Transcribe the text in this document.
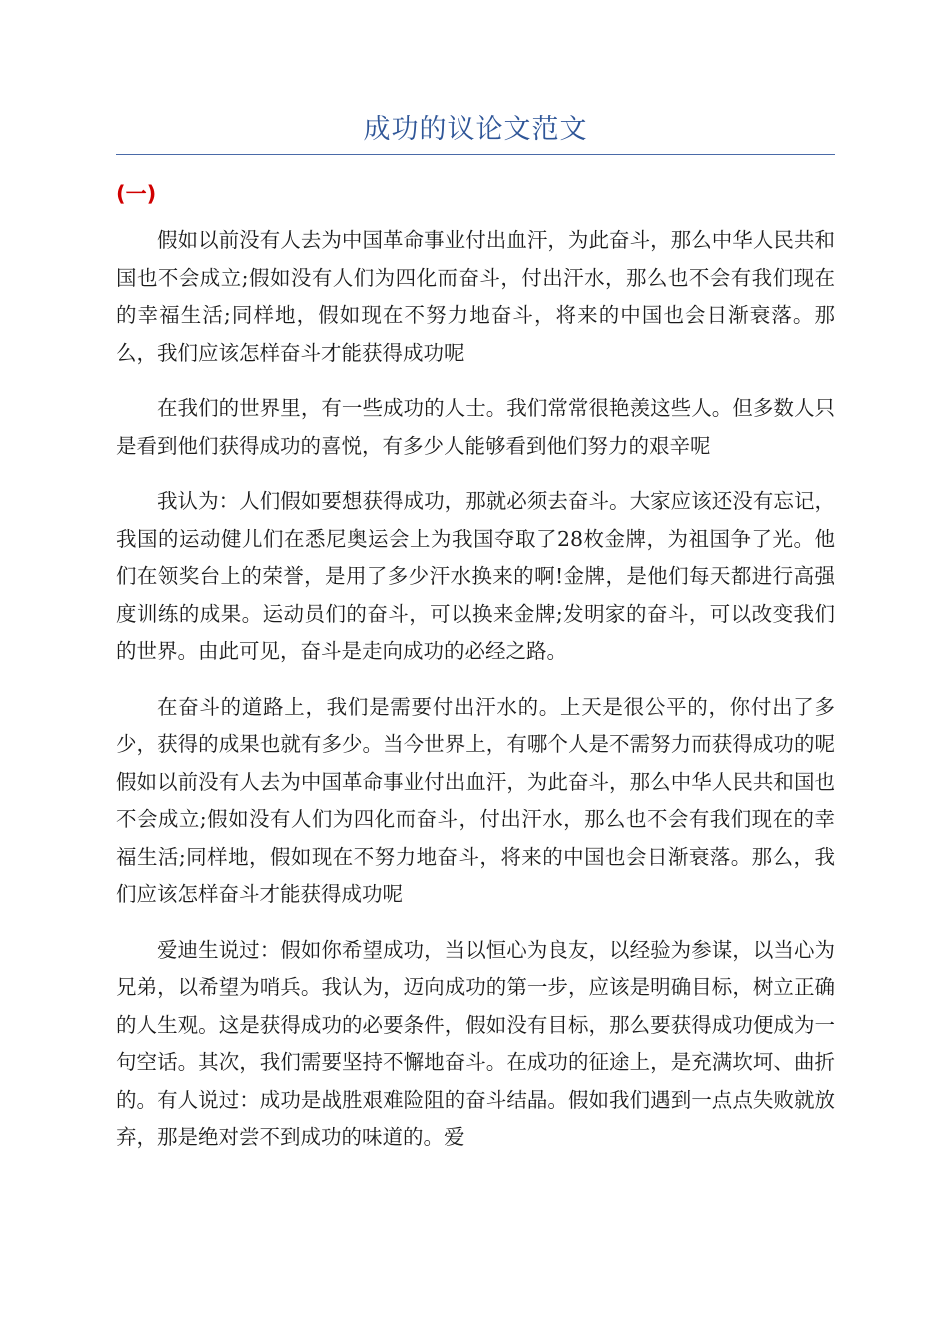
成功的议论文范文
(一)

假如以前没有人去为中国革命事业付出血汗，为此奋斗，那么中华人民共和国也不会成立;假如没有人们为四化而奋斗，付出汗水，那么也不会有我们现在的幸福生活;同样地，假如现在不努力地奋斗，将来的中国也会日渐衰落。那么，我们应该怎样奋斗才能获得成功呢

在我们的世界里，有一些成功的人士。我们常常很艳羡这些人。但多数人只是看到他们获得成功的喜悦，有多少人能够看到他们努力的艰辛呢

我认为：人们假如要想获得成功，那就必须去奋斗。大家应该还没有忘记，我国的运动健儿们在悉尼奥运会上为我国夺取了28枚金牌，为祖国争了光。他们在领奖台上的荣誉，是用了多少汗水换来的啊!金牌，是他们每天都进行高强度训练的成果。运动员们的奋斗，可以换来金牌;发明家的奋斗，可以改变我们的世界。由此可见，奋斗是走向成功的必经之路。

在奋斗的道路上，我们是需要付出汗水的。上天是很公平的，你付出了多少，获得的成果也就有多少。当今世界上，有哪个人是不需努力而获得成功的呢假如以前没有人去为中国革命事业付出血汗，为此奋斗，那么中华人民共和国也不会成立;假如没有人们为四化而奋斗，付出汗水，那么也不会有我们现在的幸福生活;同样地，假如现在不努力地奋斗，将来的中国也会日渐衰落。那么，我们应该怎样奋斗才能获得成功呢

爱迪生说过：假如你希望成功，当以恒心为良友，以经验为参谋，以当心为兄弟，以希望为哨兵。我认为，迈向成功的第一步，应该是明确目标，树立正确的人生观。这是获得成功的必要条件，假如没有目标，那么要获得成功便成为一句空话。其次，我们需要坚持不懈地奋斗。在成功的征途上，是充满坎坷、曲折的。有人说过：成功是战胜艰难险阻的奋斗结晶。假如我们遇到一点点失败就放弃，那是绝对尝不到成功的味道的。爱
